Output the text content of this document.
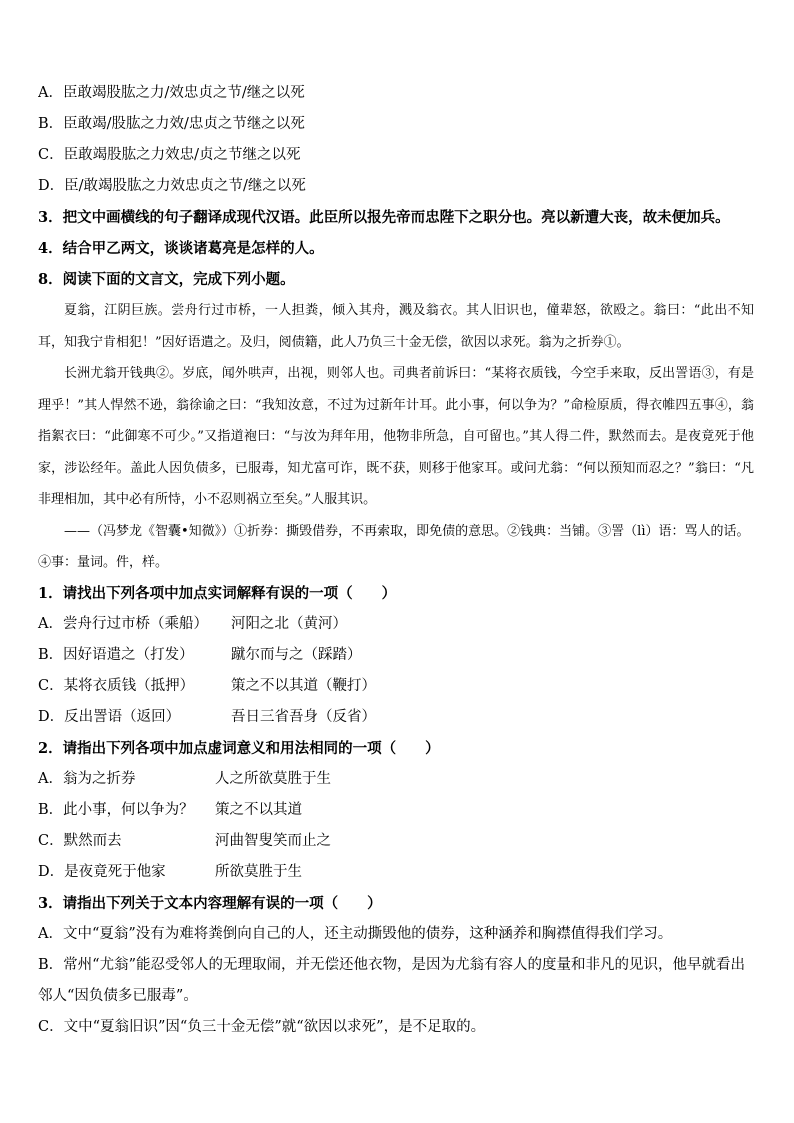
A．臣敢竭股肱之力/效忠贞之节/继之以死
B．臣敢竭/股肱之力效/忠贞之节继之以死
C．臣敢竭股肱之力效忠/贞之节继之以死
D．臣/敢竭股肱之力效忠贞之节/继之以死
3．把文中画横线的句子翻译成现代汉语。此臣所以报先帝而忠陛下之职分也。亮以新遭大丧，故未便加兵。
4．结合甲乙两文，谈谈诸葛亮是怎样的人。
8．阅读下面的文言文，完成下列小题。
夏翁，江阴巨族。尝舟行过市桥，一人担粪，倾入其舟，溅及翁衣。其人旧识也，僮辈怒，欲殴之。翁曰：“此出不知耳，知我宁肯相犯！”因好语遣之。及归，阅债籍，此人乃负三十金无偿，欲因以求死。翁为之折券①。
长洲尤翁开钱典②。岁底，闻外哄声，出视，则邻人也。司典者前诉曰：“某将衣质钱，今空手来取，反出詈语③，有是理乎！”其人悍然不逊，翁徐谕之曰：“我知汝意，不过为过新年计耳。此小事，何以争为？”命检原质，得衣帷四五事④，翁指絮衣曰：“此御寒不可少。”又指道袍曰：“与汝为拜年用，他物非所急，自可留也。”其人得二件，默然而去。是夜竟死于他家，涉讼经年。盖此人因负债多，已服毒，知尤富可诈，既不获，则移于他家耳。或问尤翁：“何以预知而忍之？”翁曰：“凡非理相加，其中必有所恃，小不忍则祸立至矣。”人服其识。

——（冯梦龙《智囊•知微》）①折券：撕毁借券，不再索取，即免债的意思。②钱典：当铺。③詈（lì）语：骂人的话。④事：量词。件，样。

1．请找出下列各项中加点实词解释有误的一项（　　）
A．尝舟行过市桥（乘船） 河阳之北（黄河）
B．因好语遣之（打发）	蹴尔而与之（踩踏）
C．某将衣质钱（抵押）	策之不以其道（鞭打）
D．反出詈语（返回）	吾日三省吾身（反省）
2．请指出下列各项中加点虚词意义和用法相同的一项（　　）
A．翁为之折券	人之所欲莫胜于生
B．此小事，何以争为？ 策之不以其道
C．默然而去	河曲智叟笑而止之
D．是夜竟死于他家	所欲莫胜于生
3．请指出下列关于文本内容理解有误的一项（　　）
A．文中“夏翁”没有为难将粪倒向自己的人，还主动撕毁他的债券，这种涵养和胸襟值得我们学习。

B．常州“尤翁”能忍受邻人的无理取闹，并无偿还他衣物，是因为尤翁有容人的度量和非凡的见识，他早就看出邻人“因负债多已服毒”。

C．文中“夏翁旧识”因“负三十金无偿”就“欲因以求死”，是不足取的。
